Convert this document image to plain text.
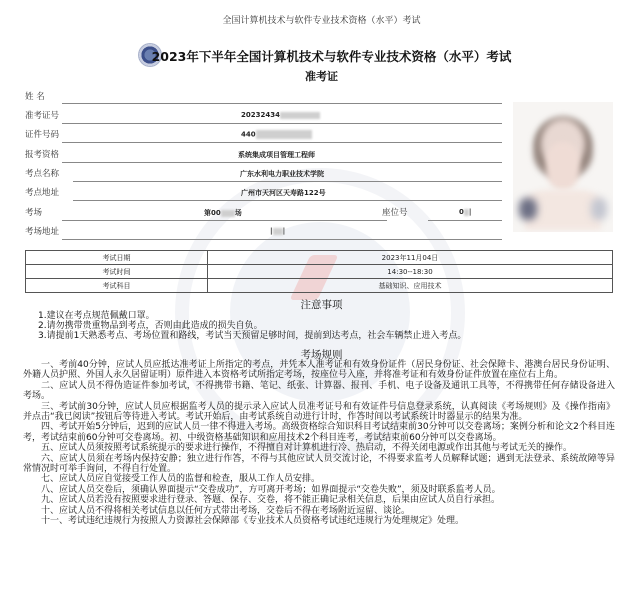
全国计算机技术与软件专业技术资格（水平）考试
2023年下半年全国计算机技术与软件专业技术资格（水平）考试
准考证
姓 名
准考证号	20232434
证件号码	440
报考资格	系统集成项目管理工程师
考点名称	广东水利电力职业技术学院
考点地址	广州市天河区天寿路122号
考场	第00 场	座位号	0 |
考场地址	| |
考试日期	2023年11月04日
考试时间	14:30--18:30
考试科目	基础知识、应用技术
注意事项
1.建议在考点规范佩戴口罩。
2.请勿携带贵重物品到考点，否则由此造成的损失自负。
3.请提前1天熟悉考点、考场位置和路线，考试当天预留足够时间，提前到达考点，社会车辆禁止进入考点。
考场规则

一、考前40分钟，应试人员应抵达准考证上所指定的考点，并凭本人准考证和有效身份证件（居民身份证、社会保障卡、港澳台居民身份证明、外籍人员护照、外国人永久居留证明）原件进入本资格考试所指定考场，按座位号入座，并将准考证和有效身份证件放置在座位右上角。

二、应试人员不得伪造证件参加考试，不得携带书籍、笔记、纸张、计算器、报刊、手机、电子设备及通讯工具等，不得携带任何存储设备进入考场。

三、考试前30分钟，应试人员应根据监考人员的提示录入应试人员准考证号和有效证件号信息登录系统，认真阅读《考场规则》及《操作指南》并点击“我已阅读”按钮后等待进入考试。考试开始后，由考试系统自动进行计时，作答时间以考试系统计时器显示的结果为准。

四、考试开始5分钟后，迟到的应试人员一律不得进入考场。高级资格综合知识科目考试结束前30分钟可以交卷离场；案例分析和论文2个科目连考，考试结束前60分钟可交卷离场。初、中级资格基础知识和应用技术2个科目连考，考试结束前60分钟可以交卷离场。

五、应试人员须按照考试系统提示的要求进行操作，不得擅自对计算机进行冷、热启动，不得关闭电源或作出其他与考试无关的操作。

六、应试人员须在考场内保持安静；独立进行作答，不得与其他应试人员交流讨论，不得要求监考人员解释试题；遇到无法登录、系统故障等异常情况时可举手询问，不得自行处置。

七、应试人员应自觉接受工作人员的监督和检查，服从工作人员安排。

八、应试人员交卷后，须确认界面提示“交卷成功”，方可离开考场；如界面提示“交卷失败”，须及时联系监考人员。

九、应试人员若没有按照要求进行登录、答题、保存、交卷，将不能正确记录相关信息，后果由应试人员自行承担。

十、应试人员不得将相关考试信息以任何方式带出考场，交卷后不得在考场附近逗留、谈论。

十一、考试违纪违规行为按照人力资源社会保障部《专业技术人员资格考试违纪违规行为处理规定》处理。
